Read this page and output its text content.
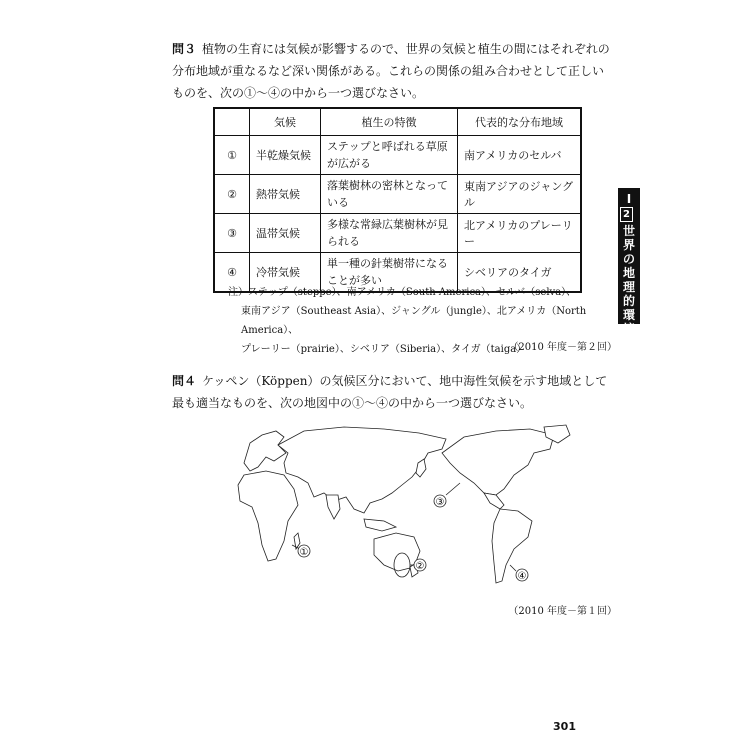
問３ 植物の生育には気候が影響するので、世界の気候と植生の間にはそれぞれの分布地域が重なるなど深い関係がある。これらの関係の組み合わせとして正しいものを、次の①～④の中から一つ選びなさい。
	気候	植生の特徴	代表的な分布地域
①	半乾燥気候	ステップと呼ばれる草原が広がる	南アメリカのセルバ
②	熱帯気候	落葉樹林の密林となっている	東南アジアのジャングル
③	温帯気候	多様な常緑広葉樹林が見られる	北アメリカのプレーリー
④	冷帯気候	単一種の針葉樹帯になることが多い	シベリアのタイガ
注）ステップ（steppe）、南アメリカ（South America）、セルバ（selva）、
東南アジア（Southeast Asia）、ジャングル（jungle）、北アメリカ（North America）、
プレーリー（prairie）、シベリア（Siberia）、タイガ（taiga）
（2010 年度－第２回）
問４ ケッペン（Köppen）の気候区分において、地中海性気候を示す地域として最も適当なものを、次の地図中の①～④の中から一つ選びなさい。
③
①
②
④
（2010 年度－第１回）
Ⅰ
2
世
界
の
地
理
的
環
境
301
